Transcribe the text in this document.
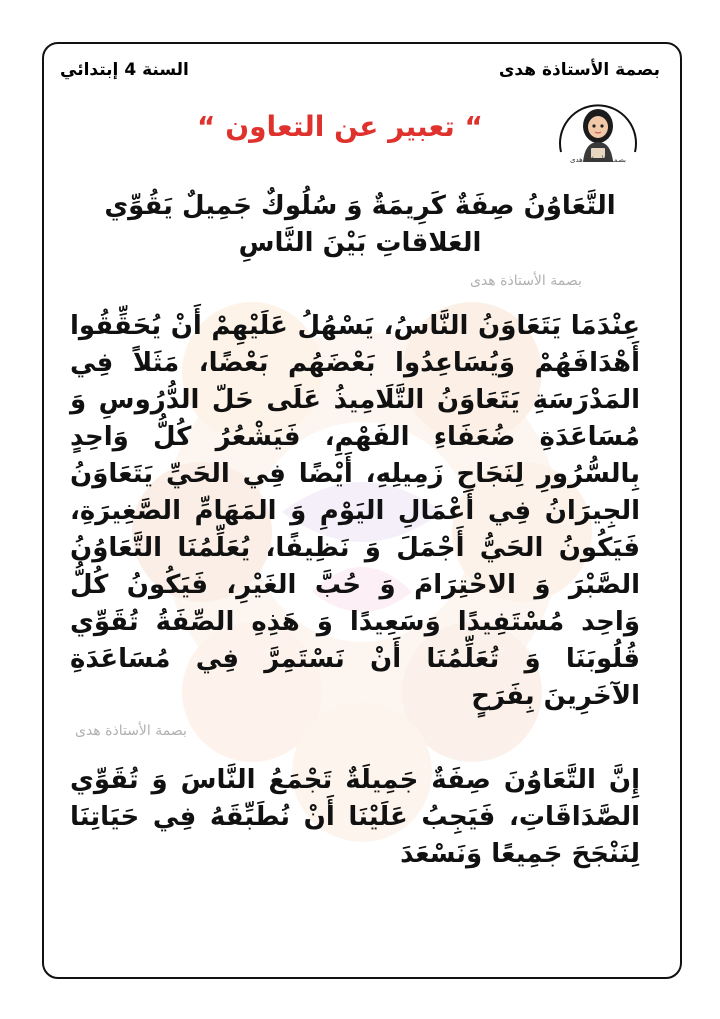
بصمة الأستاذة هدى
السنة 4 إبتدائي
“ تعبير عن التعاون “
بصمة الأستاذة هدى
التَّعَاوُنُ صِفَةٌ كَرِيمَةٌ وَ سُلُوكٌ جَمِيلٌ يَقُوِّي العَلاقاتِ بَيْنَ النَّاسِ
بصمة الأستاذة هدى
عِنْدَمَا يَتَعَاوَنُ النَّاسُ، يَسْهُلُ عَلَيْهِمْ أَنْ يُحَقِّقُوا أَهْدَافَهُمْ وَيُسَاعِدُوا بَعْضَهُم بَعْضًا، مَثَلاً فِي المَدْرَسَةِ يَتَعَاوَنُ التَّلَامِيذُ عَلَى حَلّ الدُّرُوسِ وَ مُسَاعَدَةِ ضُعَفَاءِ الفَهْمِ، فَيَشْعُرُ كُلُّ وَاحِدٍ بِالسُّرُورِ لِنَجَاحِ زَمِيلِهِ، أَيْضًا فِي الحَيِّ يَتَعَاوَنُ الجِيرَانُ فِي أَعْمَالِ اليَوْمِ وَ المَهَامِّ الصَّغِيرَةِ، فَيَكُونُ الحَيُّ أَجْمَلَ وَ نَظِيفًا، يُعَلِّمُنَا التَّعَاوُنُ الصَّبْرَ وَ الاحْتِرَامَ وَ حُبَّ الغَيْرِ، فَيَكُونُ كُلُّ وَاحِد مُسْتَفِيدًا وَسَعِيدًا وَ هَذِهِ الصِّفَةُ تُقَوِّي قُلُوبَنَا وَ تُعَلِّمُنَا أَنْ نَسْتَمِرَّ فِي مُسَاعَدَةِ الآخَرِينَ بِفَرَحٍ
بصمة الأستاذة هدى
إِنَّ التَّعَاوُنَ صِفَةٌ جَمِيلَةٌ تَجْمَعُ النَّاسَ وَ تُقَوِّي الصَّدَاقَاتِ، فَيَجِبُ عَلَيْنَا أَنْ نُطَبِّقَهُ فِي حَيَاتِنَا لِنَنْجَحَ جَمِيعًا وَنَسْعَدَ
